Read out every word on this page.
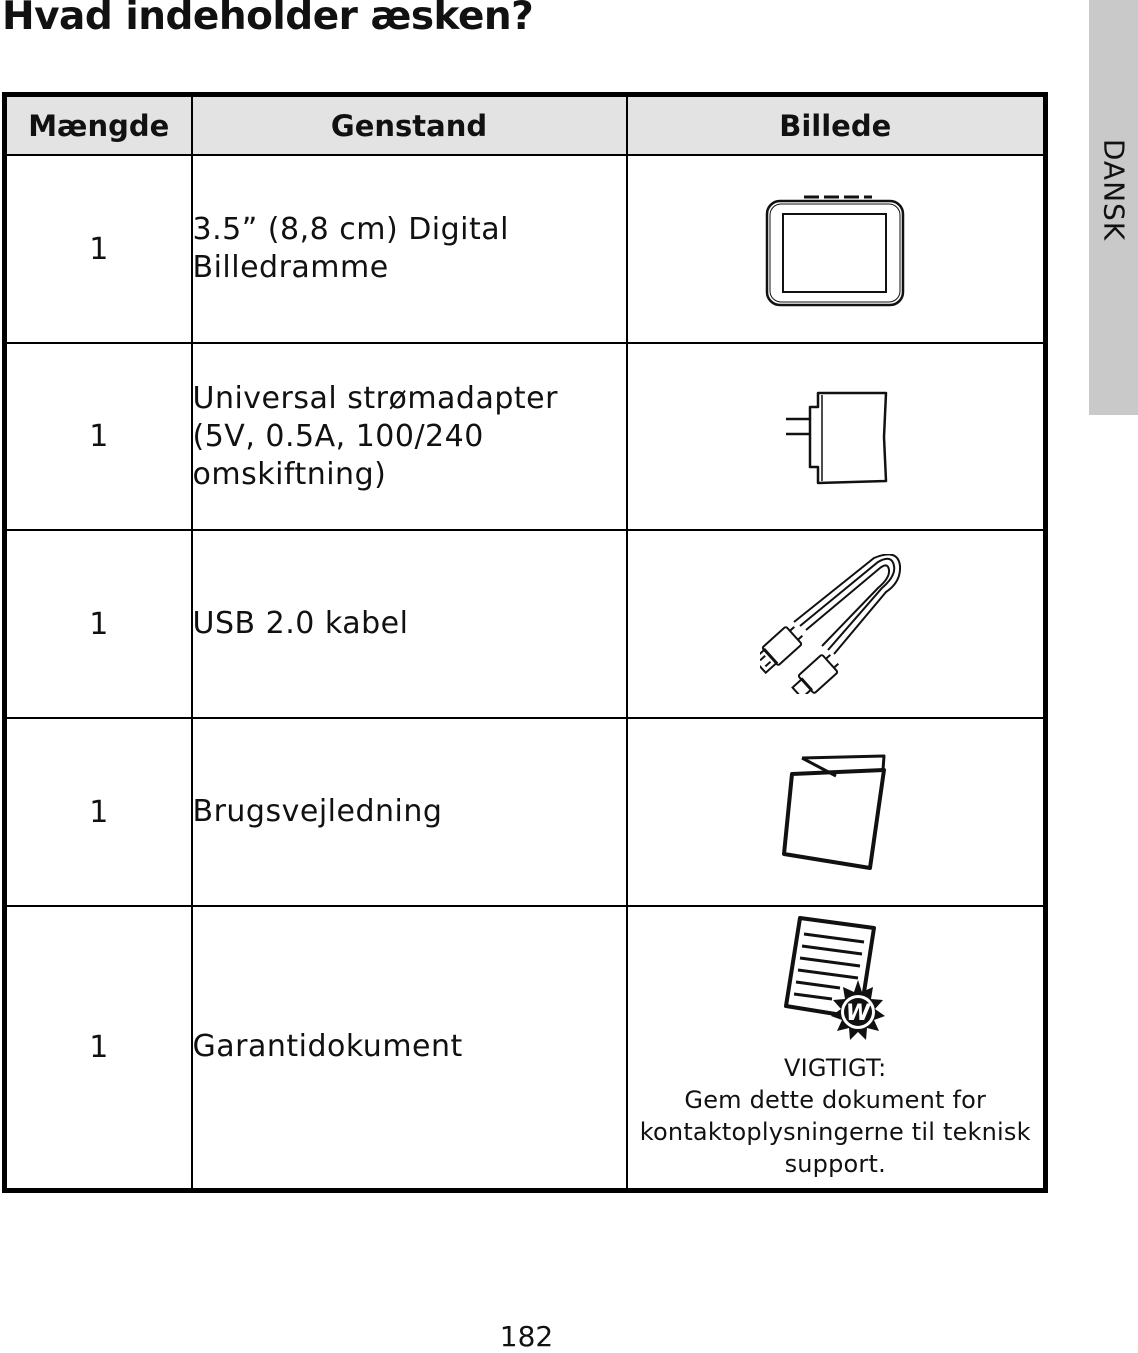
Hvad indeholder æsken?
DANSK
Mængde	Genstand	Billede
1	3.5” (8,8 cm) Digital Billedramme	

1	Universal strømadapter (5V, 0.5A, 100/240 omskiftning)	

1	USB 2.0 kabel	

1	Brugsvejledning	

1	Garantidokument	W
VIGTIGT:
Gem dette dokument for kontaktoplysningerne til teknisk support.
182
